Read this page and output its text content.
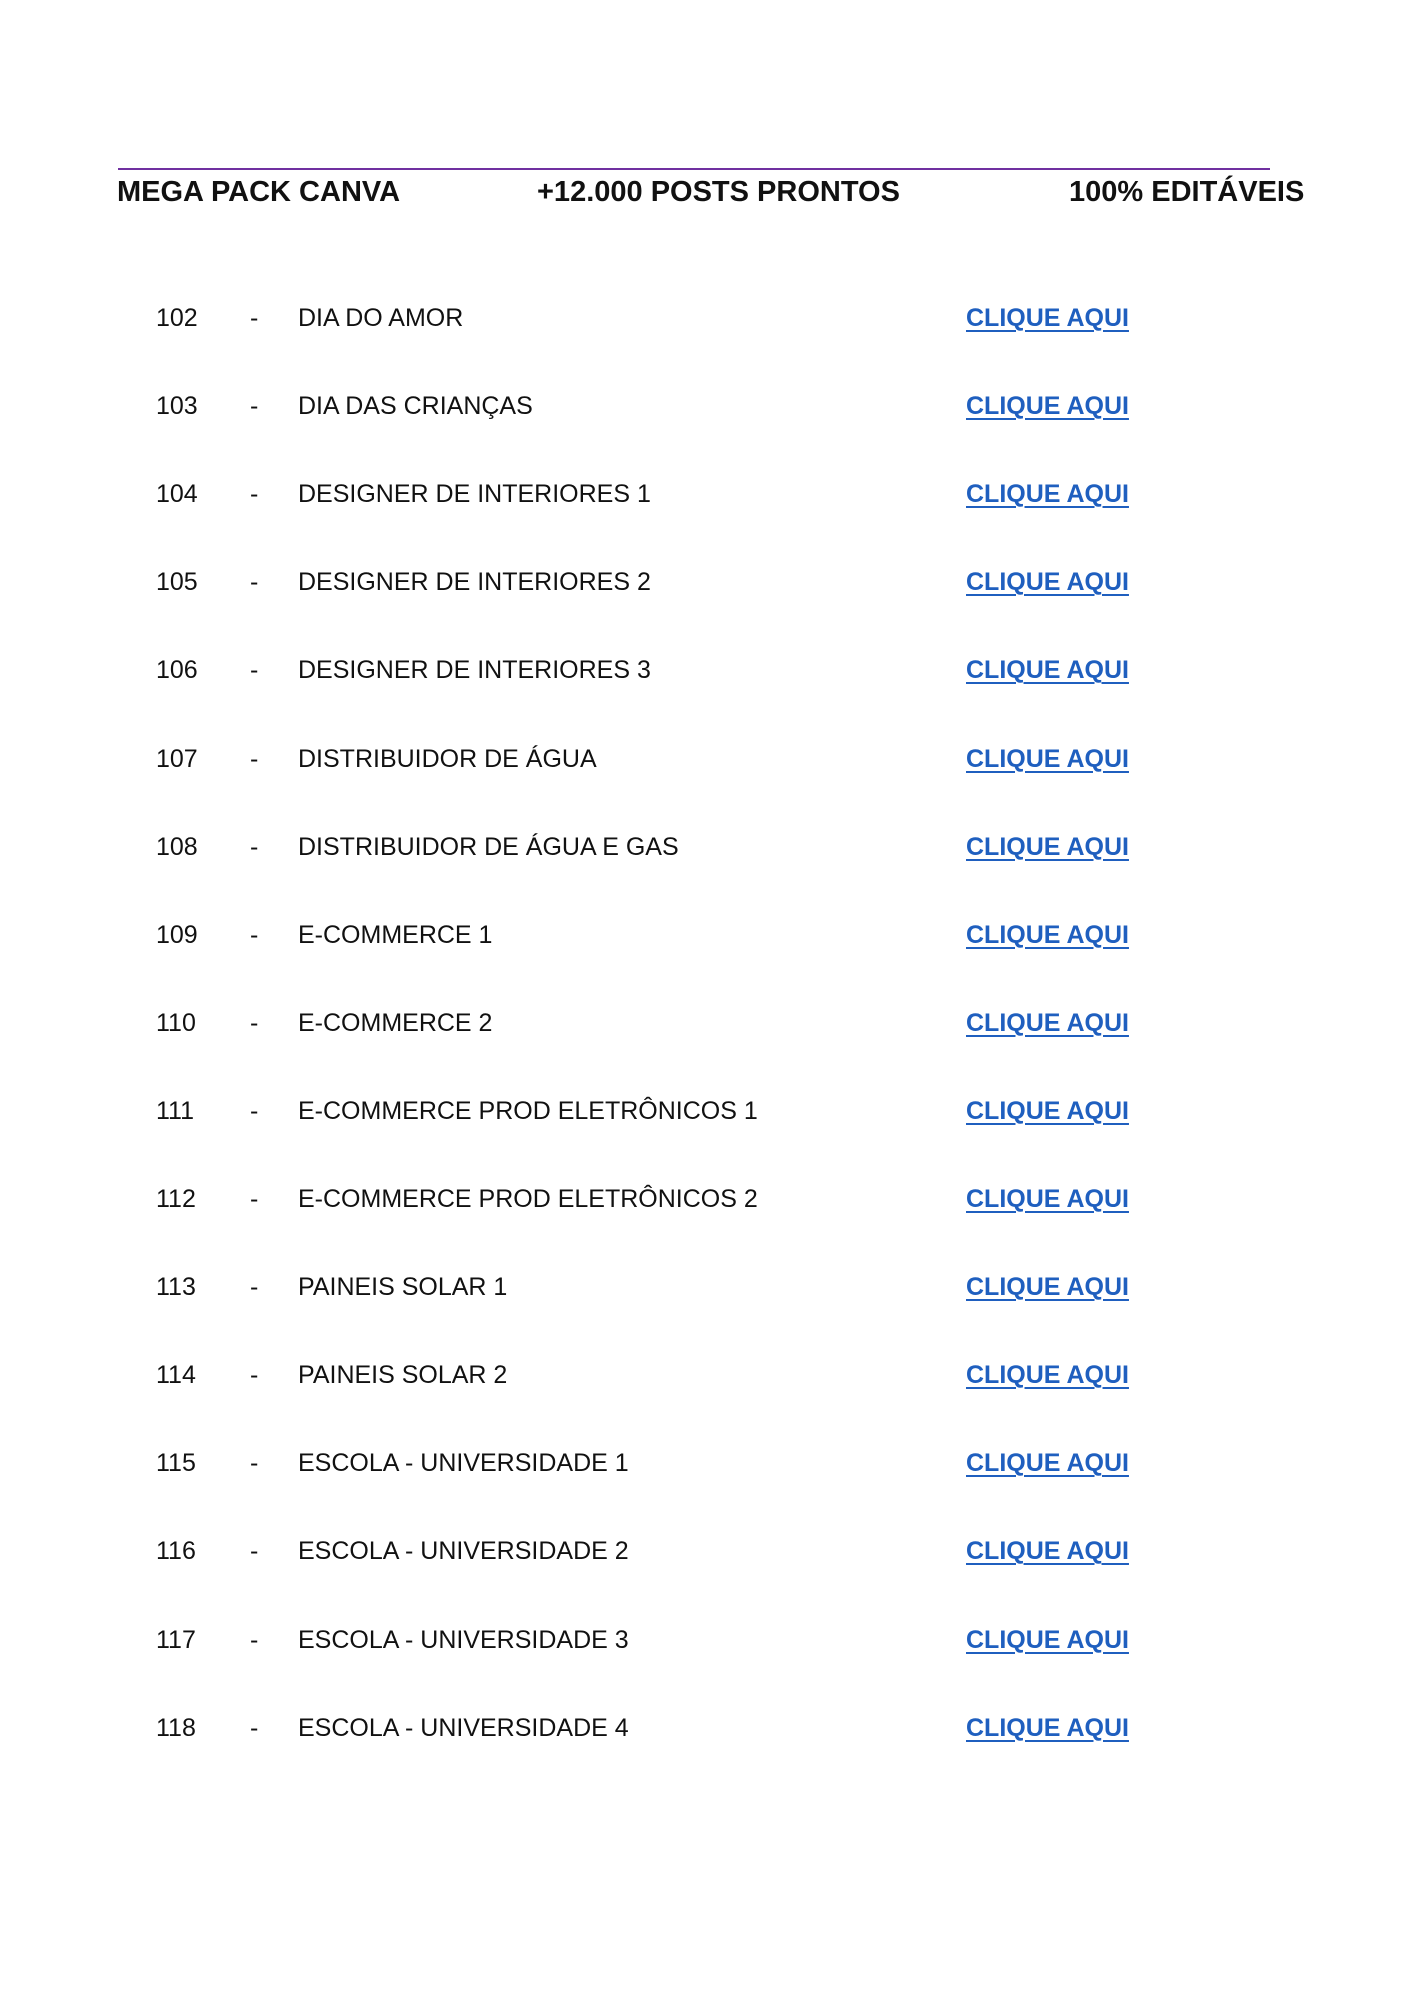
MEGA PACK CANVA	+12.000 POSTS PRONTOS	100% EDITÁVEIS
102 - DIA DO AMOR	CLIQUE AQUI
103 - DIA DAS CRIANÇAS	CLIQUE AQUI
104 - DESIGNER DE INTERIORES 1	CLIQUE AQUI
105 - DESIGNER DE INTERIORES 2	CLIQUE AQUI
106 - DESIGNER DE INTERIORES 3	CLIQUE AQUI
107 - DISTRIBUIDOR DE ÁGUA	CLIQUE AQUI
108 - DISTRIBUIDOR DE ÁGUA E GAS	CLIQUE AQUI
109 - E-COMMERCE 1	CLIQUE AQUI
110 - E-COMMERCE 2	CLIQUE AQUI
111 - E-COMMERCE PROD ELETRÔNICOS 1	CLIQUE AQUI
112 - E-COMMERCE PROD ELETRÔNICOS 2	CLIQUE AQUI
113 - PAINEIS SOLAR 1	CLIQUE AQUI
114 - PAINEIS SOLAR 2	CLIQUE AQUI
115 - ESCOLA - UNIVERSIDADE 1	CLIQUE AQUI
116 - ESCOLA - UNIVERSIDADE 2	CLIQUE AQUI
117 - ESCOLA - UNIVERSIDADE 3	CLIQUE AQUI
118 - ESCOLA - UNIVERSIDADE 4	CLIQUE AQUI
